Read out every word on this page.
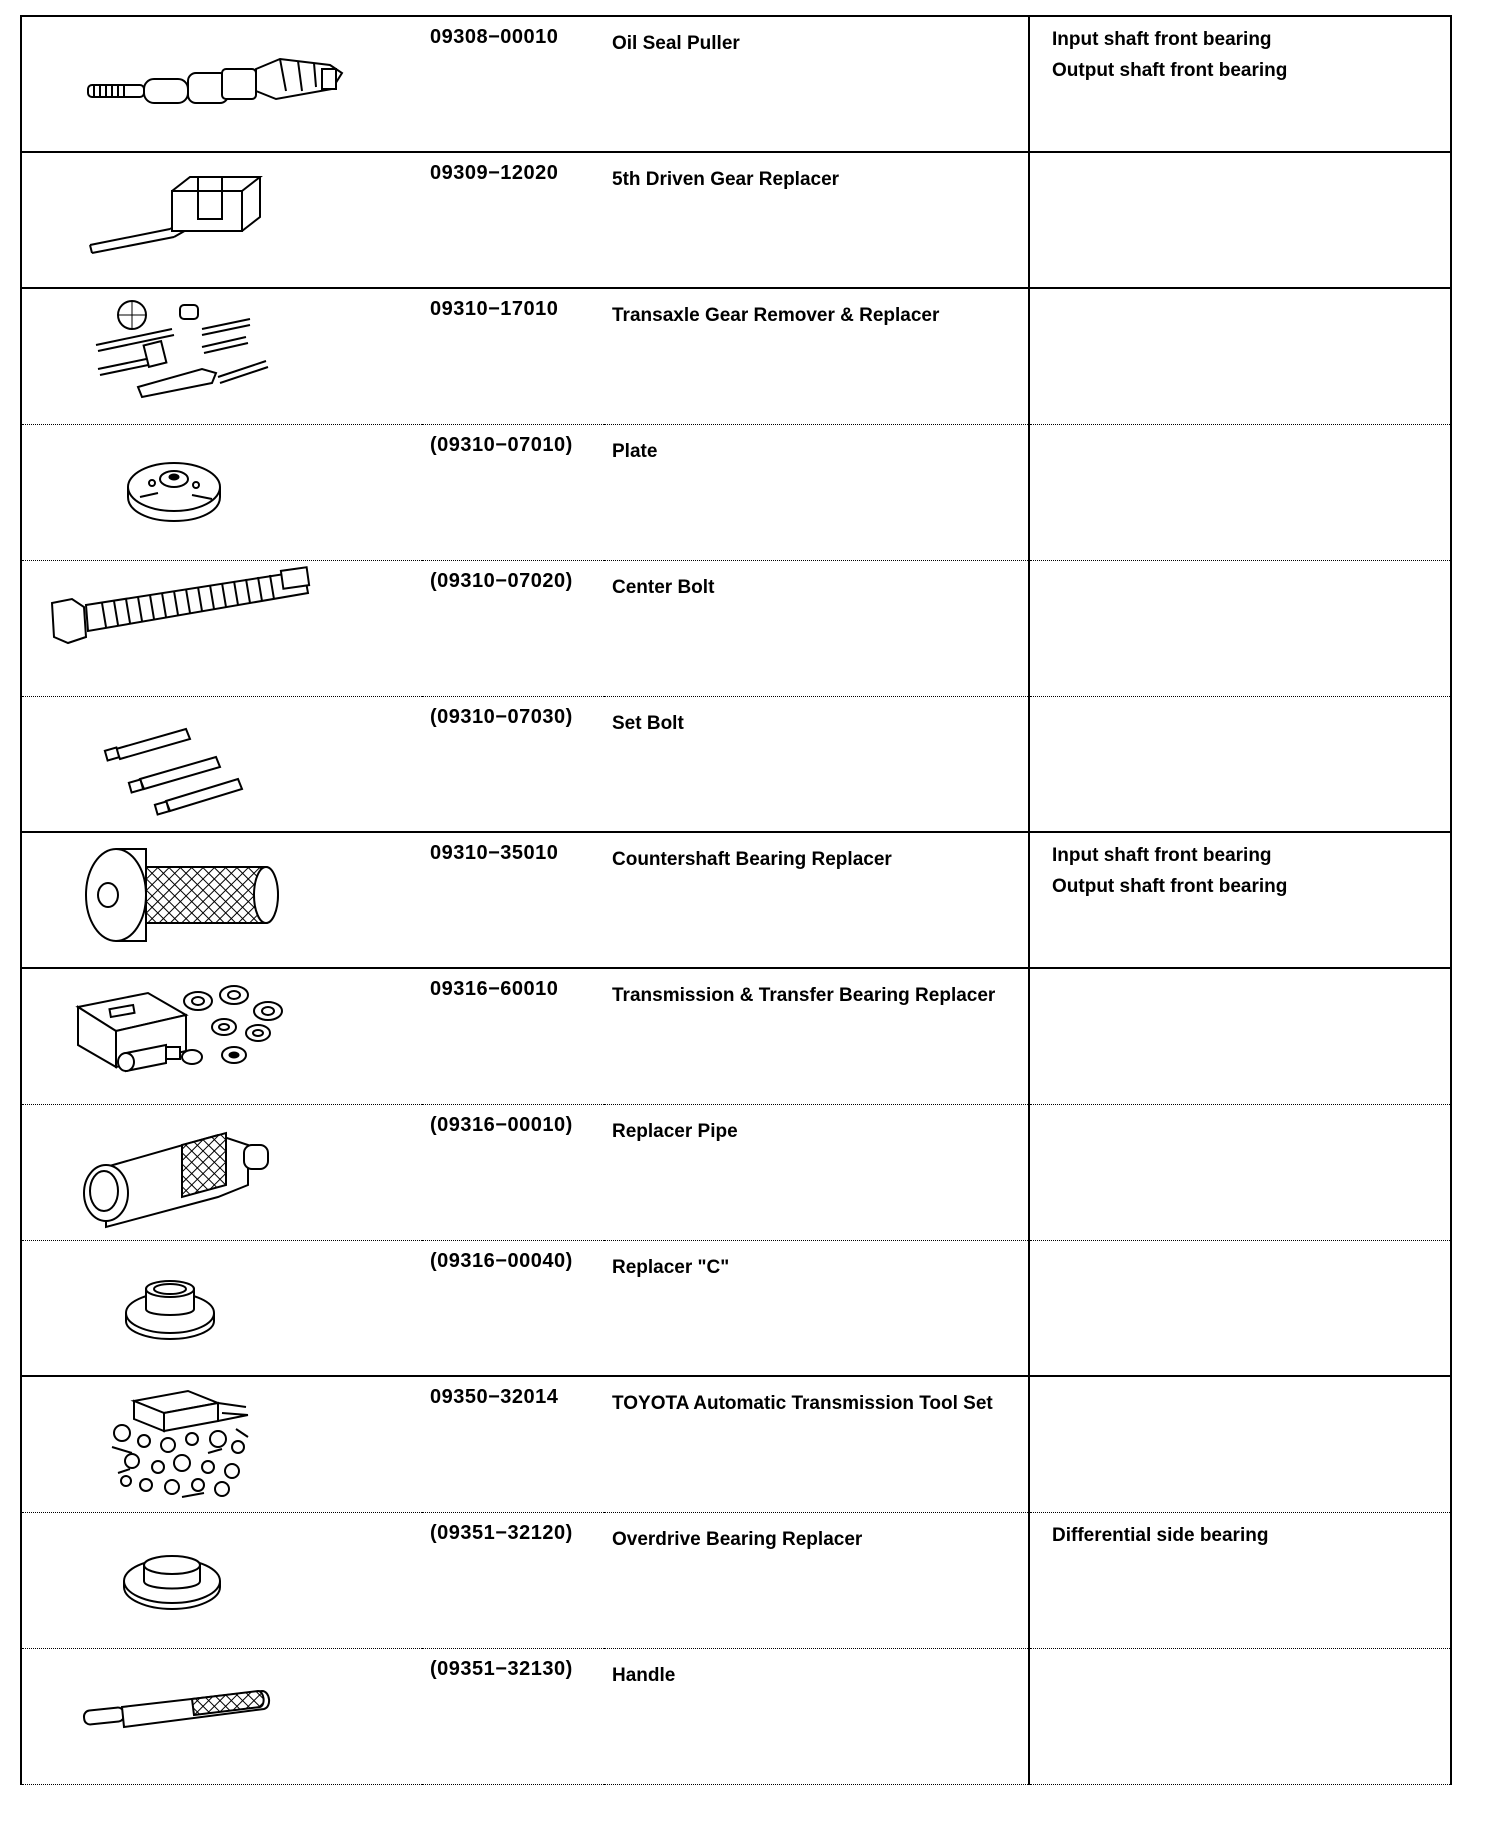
09308−00010	Oil Seal Puller	Input shaft front bearing
Output shaft front bearing

09309−12020	5th Driven Gear Replacer	

09310−17010	Transaxle Gear Remover & Replacer	

(09310−07010)	Plate	

(09310−07020)	Center Bolt	

(09310−07030)	Set Bolt	

09310−35010	Countershaft Bearing Replacer	Input shaft front bearing
Output shaft front bearing

09316−60010	Transmission & Transfer Bearing Replacer	

(09316−00010)	Replacer Pipe	

(09316−00040)	Replacer "C"	

09350−32014	TOYOTA Automatic Transmission Tool Set	

(09351−32120)	Overdrive Bearing Replacer	Differential side bearing

(09351−32130)	Handle	
